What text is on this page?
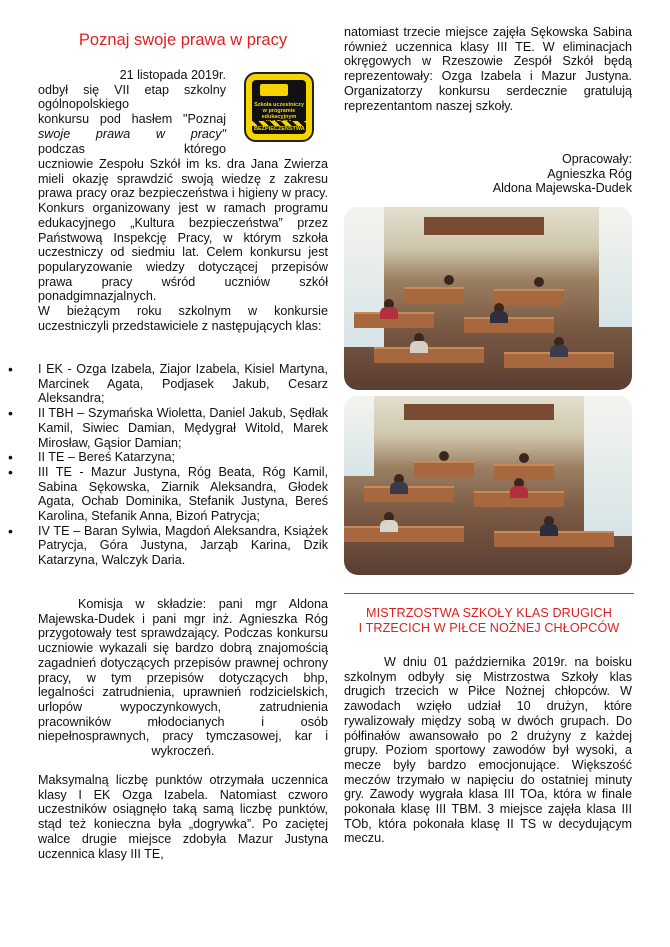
Poznaj swoje prawa w pracy
Szkoła uczestniczy w programie edukacyjnym BEZPIECZEŃSTWA

21 listopada 2019r.

odbył się VII etap szkolny

ogólnopolskiego

konkursu pod hasłem "Poznaj

swoje prawa w pracy"

podczas którego

uczniowie Zespołu Szkół im ks. dra Jana Zwierza mieli okazję sprawdzić swoją wiedzę z zakresu prawa pracy oraz bezpieczeństwa i higieny w pracy. Konkurs organizowany jest w ramach programu edukacyjnego „Kultura bezpieczeństwa” przez Państwową Inspekcję Pracy, w którym szkoła uczestniczy od siedmiu lat. Celem konkursu jest popularyzowanie wiedzy dotyczącej przepisów prawa pracy wśród uczniów szkół ponadgimnazjalnych.

W bieżącym roku szkolnym w konkursie uczestniczyli przedstawiciele z następujących klas:

• I EK - Ozga Izabela, Ziajor Izabela, Kisiel Martyna, Marcinek Agata, Podjasek Jakub, Cesarz Aleksandra;
• II TBH – Szymańska Wioletta, Daniel Jakub, Sędłak Kamil, Siwiec Damian, Mędygrał Witold, Marek Mirosław, Gąsior Damian;
• II TE – Bereś Katarzyna;
• III TE - Mazur Justyna, Róg Beata, Róg Kamil, Sabina Sękowska, Ziarnik Aleksandra, Głodek Agata, Ochab Dominika, Stefanik Justyna, Bereś Karolina, Stefanik Anna, Bizoń Patrycja;
• IV TE – Baran Sylwia, Magdoń Aleksandra, Książek Patrycja, Góra Justyna, Jarząb Karina, Dzik Katarzyna, Walczyk Daria.

Komisja w składzie: pani mgr Aldona Majewska-Dudek i pani mgr inż. Agnieszka Róg przygotowały test sprawdzający. Podczas konkursu uczniowie wykazali się bardzo dobrą znajomością zagadnień dotyczących przepisów prawnej ochrony pracy, w tym przepisów dotyczących bhp, legalności zatrudnienia, uprawnień rodzicielskich, urlopów wypoczynkowych, zatrudnienia pracowników młodocianych i osób niepełnosprawnych, pracy tymczasowej, kar i wykroczeń.

Maksymalną liczbę punktów otrzymała uczennica klasy I EK Ozga Izabela. Natomiast czworo uczestników osiągnęło taką samą liczbę punktów, stąd też konieczna była „dogrywka”. Po zaciętej walce drugie miejsce zdobyła Mazur Justyna uczennica klasy III TE,

natomiast trzecie miejsce zajęła Sękowska Sabina również uczennica klasy III TE. W eliminacjach okręgowych w Rzeszowie Zespół Szkół będą reprezentowały: Ozga Izabela i Mazur Justyna. Organizatorzy konkursu serdecznie gratulują reprezentantom naszej szkoły.

Opracowały:

Agnieszka Róg

Aldona Majewska-Dudek

MISTRZOSTWA SZKOŁY KLAS DRUGICH
I TRZECICH W PIŁCE NOŻNEJ CHŁOPCÓW

W dniu 01 października 2019r. na boisku szkolnym odbyły się Mistrzostwa Szkoły klas drugich trzecich w Piłce Nożnej chłopców. W zawodach wzięło udział 10 drużyn, które rywalizowały między sobą w dwóch grupach. Do półfinałów awansowało po 2 drużyny z każdej grupy. Poziom sportowy zawodów był wysoki, a mecze były bardzo emocjonujące. Większość meczów trzymało w napięciu do ostatniej minuty gry. Zawody wygrała klasa III TOa, która w finale pokonała klasę III TBM. 3 miejsce zajęła klasa III TOb, która pokonała klasę II TS w decydującym meczu.
